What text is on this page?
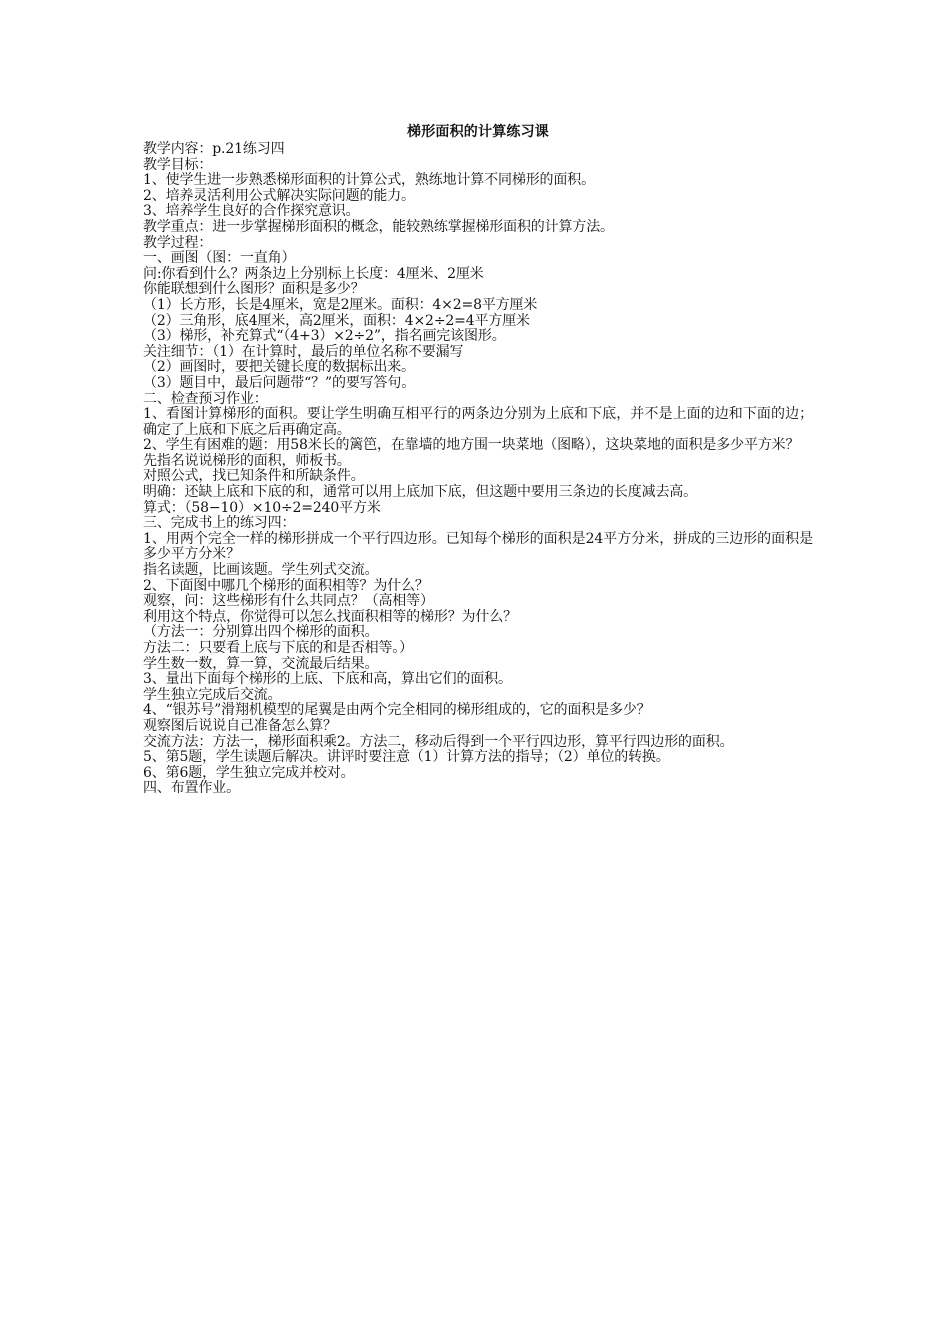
梯形面积的计算练习课

教学内容：p.21练习四

教学目标：

1、使学生进一步熟悉梯形面积的计算公式，熟练地计算不同梯形的面积。

2、培养灵活利用公式解决实际问题的能力。

3、培养学生良好的合作探究意识。

教学重点：进一步掌握梯形面积的概念，能较熟练掌握梯形面积的计算方法。

教学过程：

一、画图（图：一直角）

问:你看到什么？两条边上分别标上长度：4厘米、2厘米

你能联想到什么图形？面积是多少？

（1）长方形，长是4厘米，宽是2厘米。面积：4×2=8平方厘米

（2）三角形，底4厘米，高2厘米，面积：4×2÷2=4平方厘米

（3）梯形，补充算式“（4+3）×2÷2”，指名画完该图形。

关注细节：（1）在计算时，最后的单位名称不要漏写

（2）画图时，要把关键长度的数据标出来。

（3）题目中，最后问题带“？”的要写答句。

二、检查预习作业：

1、看图计算梯形的面积。要让学生明确互相平行的两条边分别为上底和下底，并不是上面的边和下面的边；确定了上底和下底之后再确定高。

2、学生有困难的题：用58米长的篱笆，在靠墙的地方围一块菜地（图略），这块菜地的面积是多少平方米？

先指名说说梯形的面积，师板书。

对照公式，找已知条件和所缺条件。

明确：还缺上底和下底的和，通常可以用上底加下底，但这题中要用三条边的长度减去高。

算式：（58−10）×10÷2=240平方米

三、完成书上的练习四：

1、用两个完全一样的梯形拼成一个平行四边形。已知每个梯形的面积是24平方分米，拼成的三边形的面积是多少平方分米？

指名读题，比画该题。学生列式交流。

2、下面图中哪几个梯形的面积相等？为什么？

观察，问：这些梯形有什么共同点？（高相等）

利用这个特点，你觉得可以怎么找面积相等的梯形？为什么？

（方法一：分别算出四个梯形的面积。

方法二：只要看上底与下底的和是否相等。）

学生数一数，算一算，交流最后结果。

3、量出下面每个梯形的上底、下底和高，算出它们的面积。

学生独立完成后交流。

4、“银苏号”滑翔机模型的尾翼是由两个完全相同的梯形组成的，它的面积是多少？

观察图后说说自己准备怎么算？

交流方法：方法一，梯形面积乘2。方法二，移动后得到一个平行四边形，算平行四边形的面积。

5、第5题，学生读题后解决。讲评时要注意（1）计算方法的指导；（2）单位的转换。

6、第6题，学生独立完成并校对。

四、布置作业。
